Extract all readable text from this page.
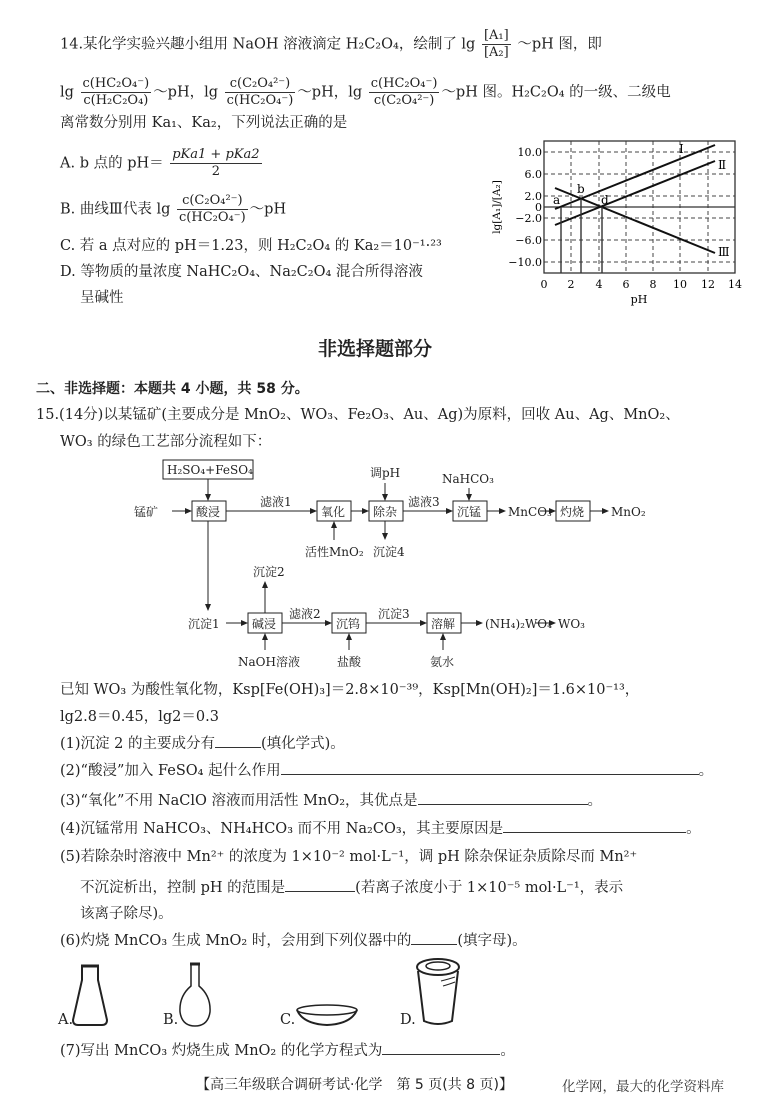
14.某化学实验兴趣小组用 NaOH 溶液滴定 H₂C₂O₄，绘制了 $\lg \frac{\text{[A₁]}}{\text{[A₂]}}$ ～pH 图，即
$\lg \frac{\text{c(HC₂O₄⁻)}}{\text{c(H₂C₂O₄)}}$ ～pH，$\lg \frac{\text{c(C₂O₄²⁻)}}{\text{c(HC₂O₄⁻)}}$ ～pH，$\lg \frac{\text{c(HC₂O₄⁻)}}{\text{c(C₂O₄²⁻)}}$ ～pH 图。H₂C₂O₄ 的一级、二级电
离常数分别用 Ka₁、Ka₂，下列说法正确的是
A. b 点的 $pH= \frac{\text{pKa1 + pKa2}}{2}$
B. 曲线Ⅲ代表 $\lg \frac{\text{c(C₂O₄²⁻)}}{\text{c(HC₂O₄⁻)}}$ ～pH
C. 若 a 点对应的 pH＝1.23，则 H₂C₂O₄ 的 Ka₂＝10⁻¹·²³
D. 等物质的量浓度 NaHC₂O₄、Na₂C₂O₄ 混合所得溶液
呈碱性
a
b
d
Ⅰ
Ⅱ
Ⅲ
10.0
6.0
2.0
0
−2.0
−6.0
−10.0
0 2 4 6 8 10 12 14
pH
lg[A₁]/[A₂]
非选择题部分
二、非选择题：本题共 4 小题，共 58 分。
15.(14分)以某锰矿(主要成分是 MnO₂、WO₃、Fe₂O₃、Au、Ag)为原料，回收 Au、Ag、MnO₂、
WO₃ 的绿色工艺部分流程如下：
H₂SO₄+FeSO₄
锰矿	酸浸
滤液1
氧化
活性MnO₂
调pH
除杂
沉淀4
滤液3
NaHCO₃
沉锰 MnCO₃ 灼烧 MnO₂
沉淀1	碱浸
沉淀2
NaOH溶液
滤液2
沉钨
盐酸
沉淀3
溶解
氨水
(NH₄)₂WO₄ WO₃
已知 WO₃ 为酸性氧化物，Ksp[Fe(OH)₃]＝2.8×10⁻³⁹，Ksp[Mn(OH)₂]＝1.6×10⁻¹³，
lg2.8＝0.45，lg2＝0.3
(1)沉淀 2 的主要成分有	(填化学式)。
(2)“酸浸”加入 FeSO₄ 起什么作用	。
(3)“氧化”不用 NaClO 溶液而用活性 MnO₂，其优点是	。
(4)沉锰常用 NaHCO₃、NH₄HCO₃ 而不用 Na₂CO₃，其主要原因是	。
(5)若除杂时溶液中 Mn²⁺ 的浓度为 1×10⁻² mol·L⁻¹，调 pH 除杂保证杂质除尽而 Mn²⁺
不沉淀析出，控制 pH 的范围是	(若离子浓度小于 1×10⁻⁵ mol·L⁻¹，表示
该离子除尽)。
(6)灼烧 MnCO₃ 生成 MnO₂ 时，会用到下列仪器中的	(填字母)。
A.	B.	C.	D.
(7)写出 MnCO₃ 灼烧生成 MnO₂ 的化学方程式为	。
【高三年级联合调研考试·化学　第 5 页(共 8 页)】	化学网，最大的化学资料库
